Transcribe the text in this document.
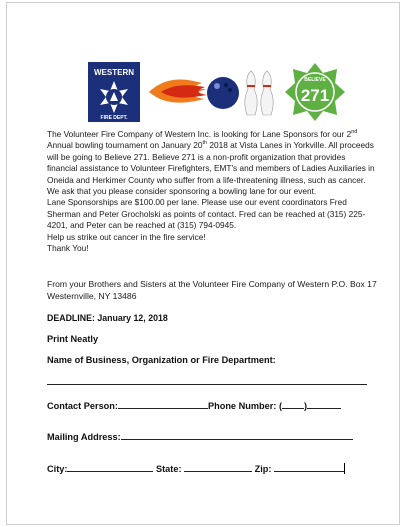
WESTERN
FIRE DEPT.
BELIEVE
271

The Volunteer Fire Company of Western Inc. is looking for Lane Sponsors for our 2nd Annual bowling tournament on January 20th 2018 at Vista Lanes in Yorkville. All proceeds will be going to Believe 271. Believe 271 is a non-profit organization that provides financial assistance to Volunteer Firefighters, EMT's and members of Ladies Auxiliaries in Oneida and Herkimer County who suffer from a life-threatening illness, such as cancer. We ask that you please consider sponsoring a bowling lane for our event.

Lane Sponsorships are $100.00 per lane. Please use our event coordinators Fred Sherman and Peter Grocholski as points of contact. Fred can be reached at (315) 225-4201, and Peter can be reached at (315) 794-0945.

Help us strike out cancer in the fire service!

Thank You!

From your Brothers and Sisters at the Volunteer Fire Company of Western P.O. Box 17 Westernville, NY 13486
DEADLINE: January 12, 2018
Print Neatly
Name of Business, Organization or Fire Department:
Contact Person:	Phone Number: ( )
Mailing Address:
City:	State:	Zip:
